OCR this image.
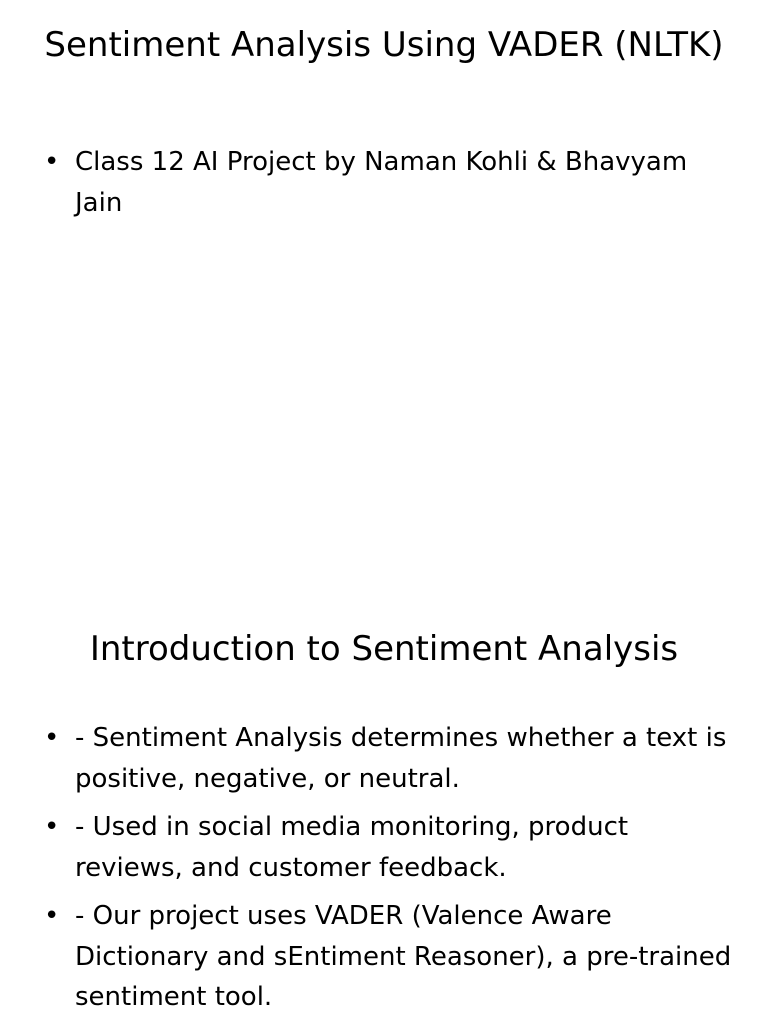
Sentiment Analysis Using VADER (NLTK)
• Class 12 AI Project by Naman Kohli & Bhavyam Jain
Introduction to Sentiment Analysis
• - Sentiment Analysis determines whether a text is positive, negative, or neutral.
• - Used in social media monitoring, product reviews, and customer feedback.
• - Our project uses VADER (Valence Aware Dictionary and sEntiment Reasoner), a pre-trained sentiment tool.
